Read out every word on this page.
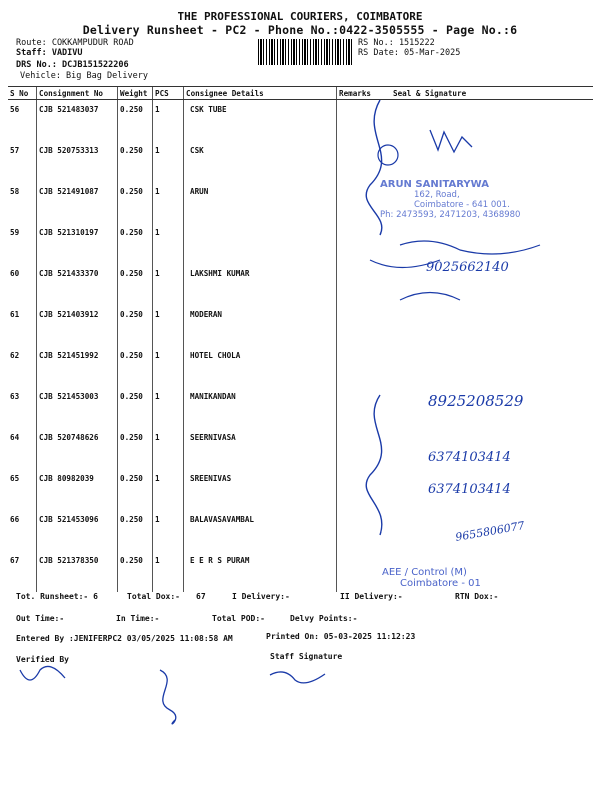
THE PROFESSIONAL COURIERS, COIMBATORE
Delivery Runsheet - PC2 - Phone No.:0422-3505555 - Page No.:6
Route: COKKAMPUDUR ROAD
Staff: VADIVU
DRS No.: DCJB151522206
Vehicle: Big Bag Delivery
RS No.: 1515222
RS Date: 05-Mar-2025
S No	Consignment No	Weight	PCS	Consignee Details	Remarks	Seal & Signature
56	CJB 521483037	0.250	1	CSK TUBE		
57	CJB 520753313	0.250	1	CSK		
58	CJB 521491087	0.250	1	ARUN		
59	CJB 521310197	0.250	1			
60	CJB 521433370	0.250	1	LAKSHMI KUMAR		
61	CJB 521403912	0.250	1	MODERAN		
62	CJB 521451992	0.250	1	HOTEL CHOLA		
63	CJB 521453003	0.250	1	MANIKANDAN		
64	CJB 520748626	0.250	1	SEERNIVASA		
65	CJB 80982039	0.250	1	SREENIVAS		
66	CJB 521453096	0.250	1	BALAVASAVAMBAL		
67	CJB 521378350	0.250	1	E E R S PURAM		
ARUN SANITARYWA
162, Road,
Coimbatore - 641 001.
Ph: 2473593, 2471203, 4368980
9025662140
8925208529
6374103414
6374103414
9655806077
AEE / Control (M)
Coimbatore - 01
Tot. Runsheet:- 6	Total Dox:- 67	I Delivery:-	II Delivery:-	RTN Dox:-
Out Time:-	In Time:-	Total POD:-	Delvy Points:-
Entered By :JENIFERPC2 03/05/2025 11:08:58 AM	Printed On: 05-03-2025 11:12:23
Verified By	Staff Signature
